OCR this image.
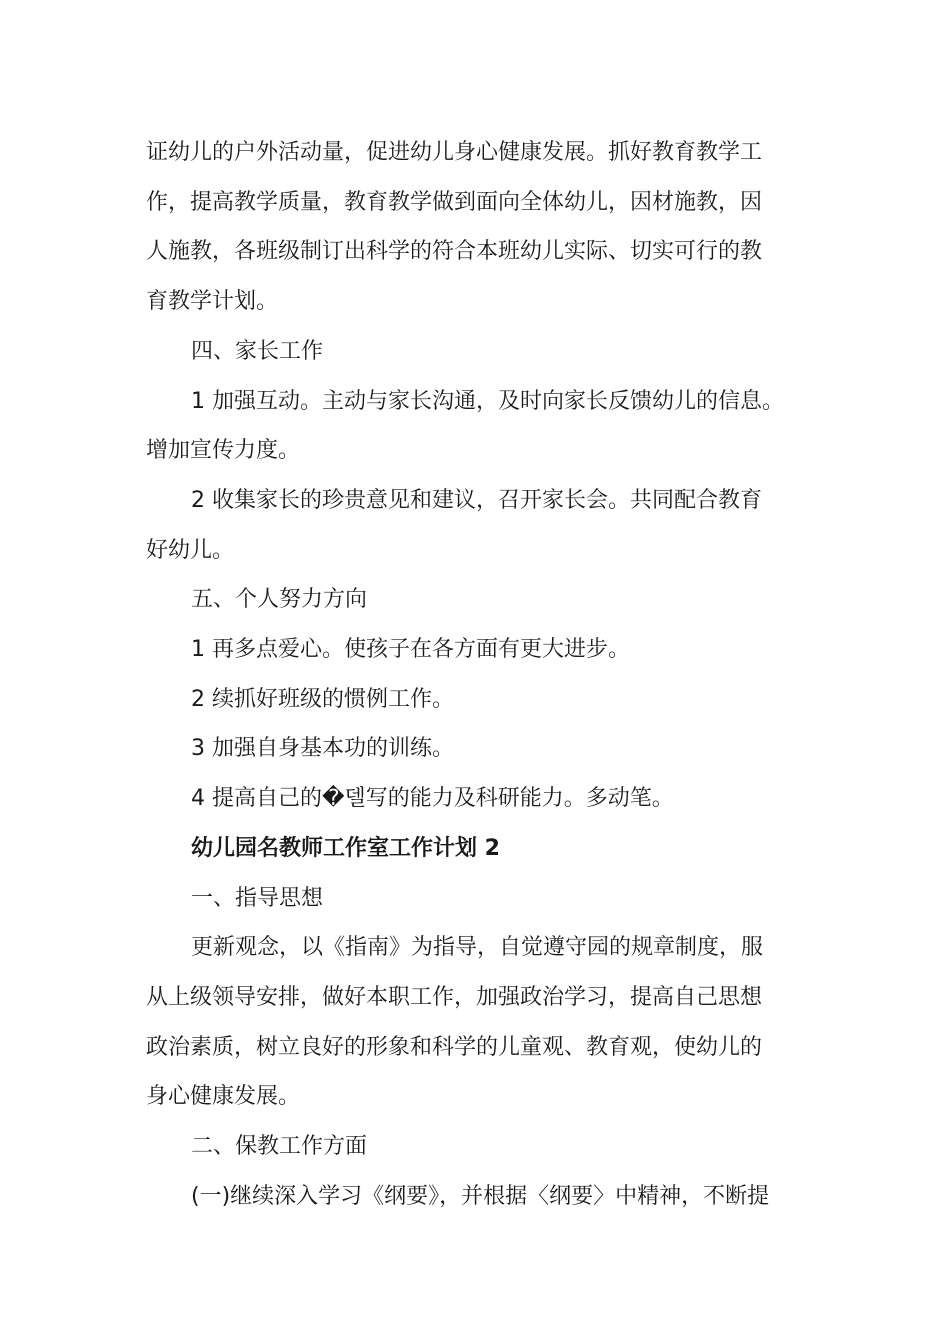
证幼儿的户外活动量，促进幼儿身心健康发展。抓好教育教学工

作，提高教学质量，教育教学做到面向全体幼儿，因材施教，因

人施教，各班级制订出科学的符合本班幼儿实际、切实可行的教

育教学计划。

四、家长工作

1 加强互动。主动与家长沟通，及时向家长反馈幼儿的信息。

增加宣传力度。

2 收集家长的珍贵意见和建议，召开家长会。共同配合教育

好幼儿。

五、个人努力方向

1 再多点爱心。使孩子在各方面有更大进步。

2 续抓好班级的惯例工作。

3 加强自身基本功的训练。

4 提高自己的�델写的能力及科研能力。多动笔。

幼儿园名教师工作室工作计划 2

一、指导思想

更新观念，以《指南》为指导，自觉遵守园的规章制度，服

从上级领导安排，做好本职工作，加强政治学习，提高自己思想

政治素质，树立良好的形象和科学的儿童观、教育观，使幼儿的

身心健康发展。

二、保教工作方面

(一)继续深入学习《纲要》，并根据〈纲要〉中精神，不断提
